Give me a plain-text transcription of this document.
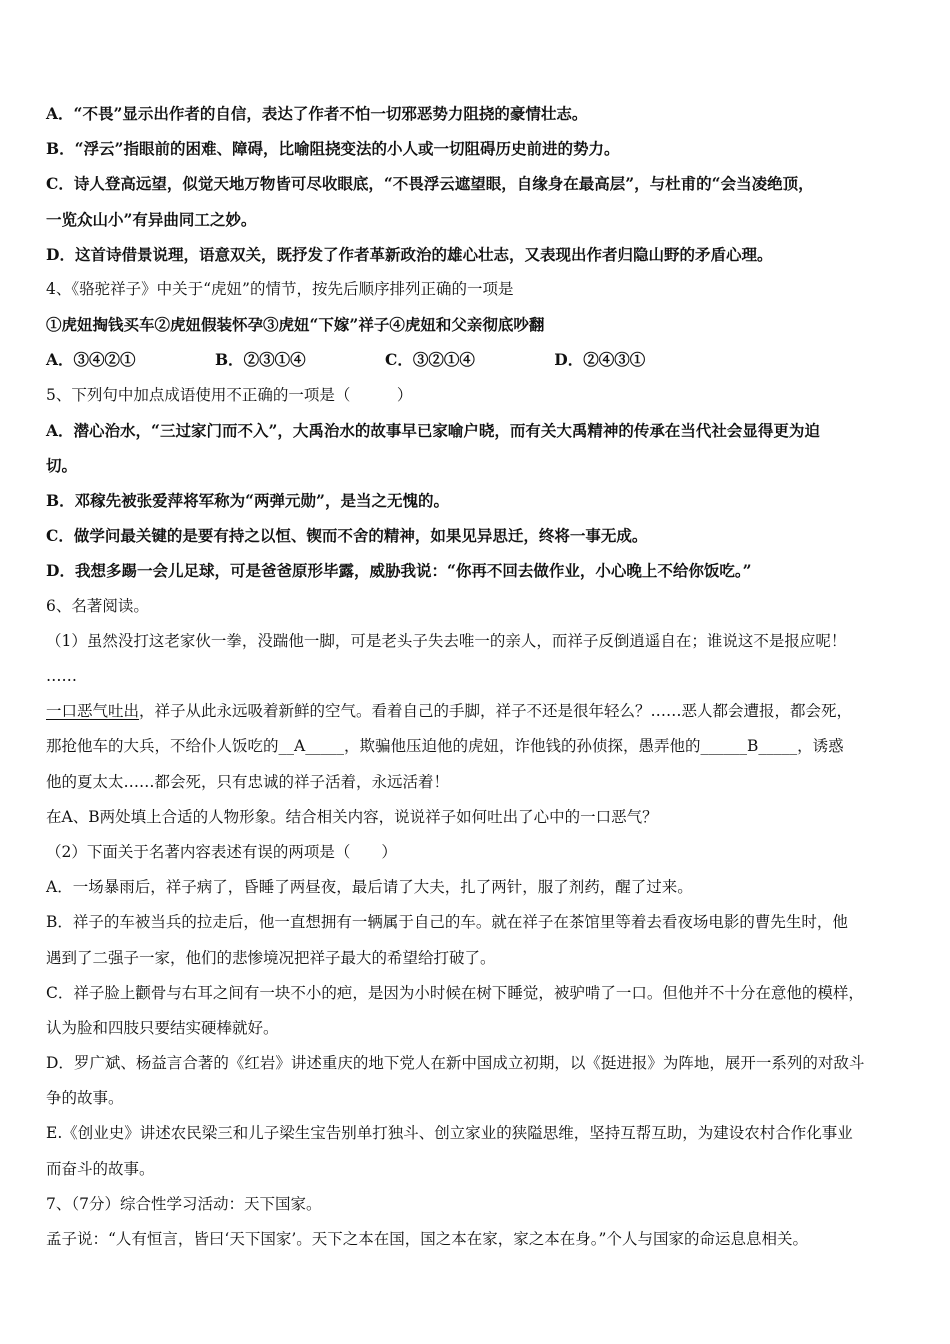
A．“不畏”显示出作者的自信，表达了作者不怕一切邪恶势力阻挠的豪情壮志。
B．“浮云”指眼前的困难、障碍，比喻阻挠变法的小人或一切阻碍历史前进的势力。
C．诗人登高远望，似觉天地万物皆可尽收眼底，“不畏浮云遮望眼，自缘身在最高层”，与杜甫的“会当凌绝顶，
一览众山小”有异曲同工之妙。
D．这首诗借景说理，语意双关，既抒发了作者革新政治的雄心壮志，又表现出作者归隐山野的矛盾心理。
4、《骆驼祥子》中关于“虎妞”的情节，按先后顺序排列正确的一项是
①虎妞掏钱买车②虎妞假装怀孕③虎妞“下嫁”祥子④虎妞和父亲彻底吵翻
A．③④②①	B．②③①④	C．③②①④	D．②④③①
5、下列句中加点成语使用不正确的一项是（　　　）
A．潜心治水，“三过家门而不入”，大禹治水的故事早已家喻户晓，而有关大禹精神的传承在当代社会显得更为迫
切。
B．邓稼先被张爱萍将军称为“两弹元勋”，是当之无愧的。
C．做学问最关键的是要有持之以恒、锲而不舍的精神，如果见异思迁，终将一事无成。
D．我想多踢一会儿足球，可是爸爸原形毕露，威胁我说：“你再不回去做作业，小心晚上不给你饭吃。”
6、名著阅读。
（1）虽然没打这老家伙一拳，没踹他一脚，可是老头子失去唯一的亲人，而祥子反倒逍遥自在；谁说这不是报应呢！
……
一口恶气吐出，祥子从此永远吸着新鲜的空气。看着自己的手脚，祥子不还是很年轻么？……恶人都会遭报，都会死，
那抢他车的大兵，不给仆人饭吃的__A_____，欺骗他压迫他的虎妞，诈他钱的孙侦探，愚弄他的______B_____，诱惑
他的夏太太……都会死，只有忠诚的祥子活着，永远活着！
在A、B两处填上合适的人物形象。结合相关内容，说说祥子如何吐出了心中的一口恶气？
（2）下面关于名著内容表述有误的两项是（　　）
A．一场暴雨后，祥子病了，昏睡了两昼夜，最后请了大夫，扎了两针，服了剂药，醒了过来。
B．祥子的车被当兵的拉走后，他一直想拥有一辆属于自己的车。就在祥子在茶馆里等着去看夜场电影的曹先生时，他
遇到了二强子一家，他们的悲惨境况把祥子最大的希望给打破了。
C．祥子脸上颧骨与右耳之间有一块不小的疤，是因为小时候在树下睡觉，被驴啃了一口。但他并不十分在意他的模样，
认为脸和四肢只要结实硬棒就好。
D．罗广斌、杨益言合著的《红岩》讲述重庆的地下党人在新中国成立初期，以《挺进报》为阵地，展开一系列的对敌斗
争的故事。
E.《创业史》讲述农民梁三和儿子梁生宝告别单打独斗、创立家业的狭隘思维，坚持互帮互助，为建设农村合作化事业
而奋斗的故事。
7、（7分）综合性学习活动：天下国家。
孟子说：“人有恒言，皆曰‘天下国家’。天下之本在国，国之本在家，家之本在身。”个人与国家的命运息息相关。
